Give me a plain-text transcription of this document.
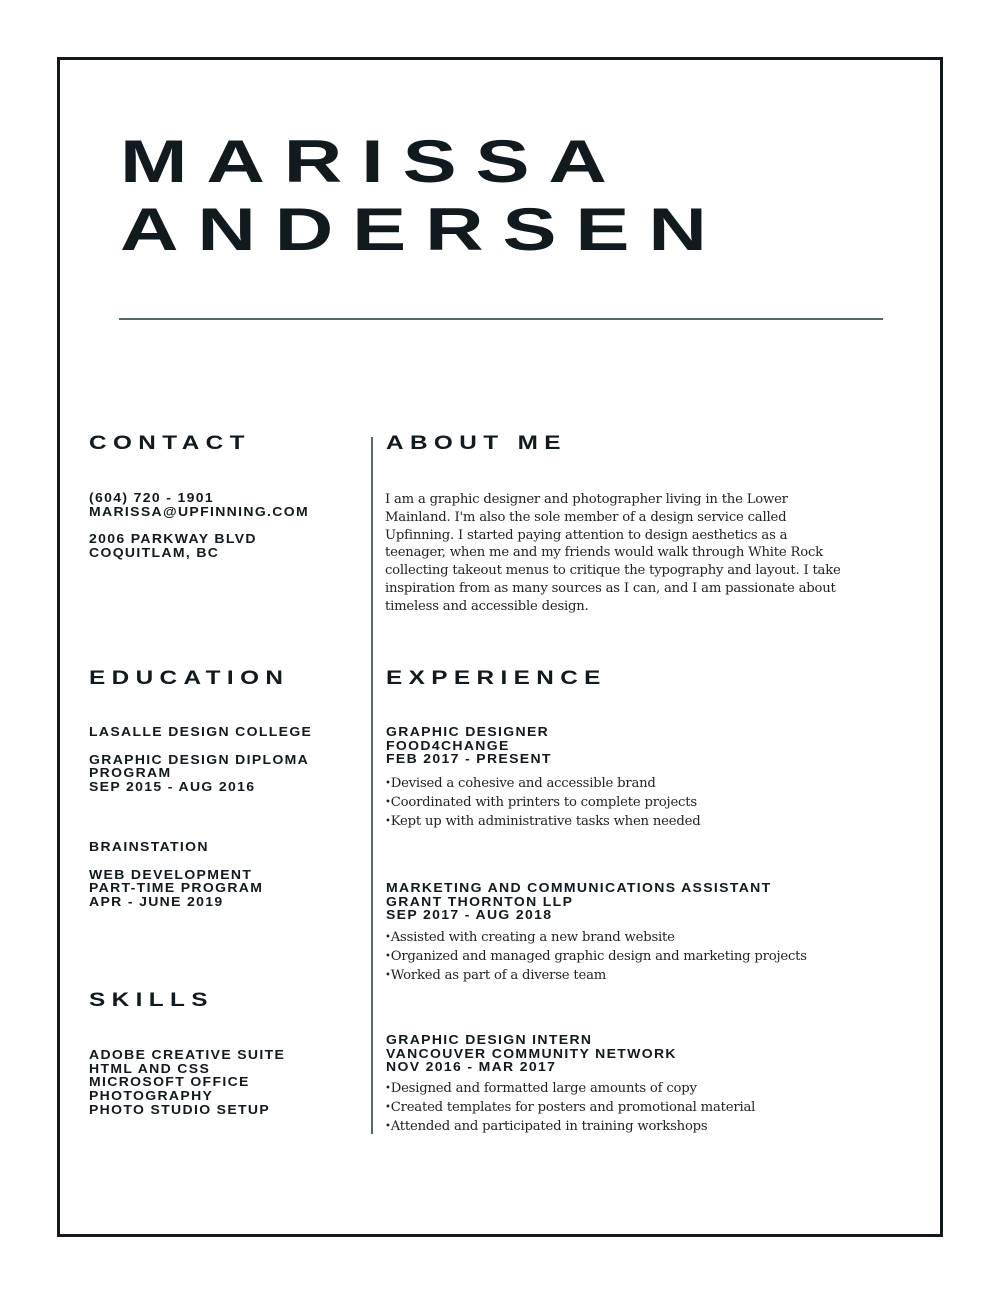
MARISSA
ANDERSEN
CONTACT
(604) 720 - 1901
MARISSA@UPFINNING.COM
2006 PARKWAY BLVD
COQUITLAM, BC
ABOUT ME
I am a graphic designer and photographer living in the Lower
Mainland. I'm also the sole member of a design service called
Upfinning. I started paying attention to design aesthetics as a
teenager, when me and my friends would walk through White Rock
collecting takeout menus to critique the typography and layout. I take
inspiration from as many sources as I can, and I am passionate about
timeless and accessible design.
EDUCATION
LASALLE DESIGN COLLEGE
GRAPHIC DESIGN DIPLOMA
PROGRAM
SEP 2015 - AUG 2016
BRAINSTATION
WEB DEVELOPMENT
PART-TIME PROGRAM
APR - JUNE 2019
SKILLS
ADOBE CREATIVE SUITE
HTML AND CSS
MICROSOFT OFFICE
PHOTOGRAPHY
PHOTO STUDIO SETUP
EXPERIENCE
GRAPHIC DESIGNER
FOOD4CHANGE
FEB 2017 - PRESENT
• Devised a cohesive and accessible brand
• Coordinated with printers to complete projects
• Kept up with administrative tasks when needed
MARKETING AND COMMUNICATIONS ASSISTANT
GRANT THORNTON LLP
SEP 2017 - AUG 2018
• Assisted with creating a new brand website
• Organized and managed graphic design and marketing projects
• Worked as part of a diverse team
GRAPHIC DESIGN INTERN
VANCOUVER COMMUNITY NETWORK
NOV 2016 - MAR 2017
• Designed and formatted large amounts of copy
• Created templates for posters and promotional material
• Attended and participated in training workshops
